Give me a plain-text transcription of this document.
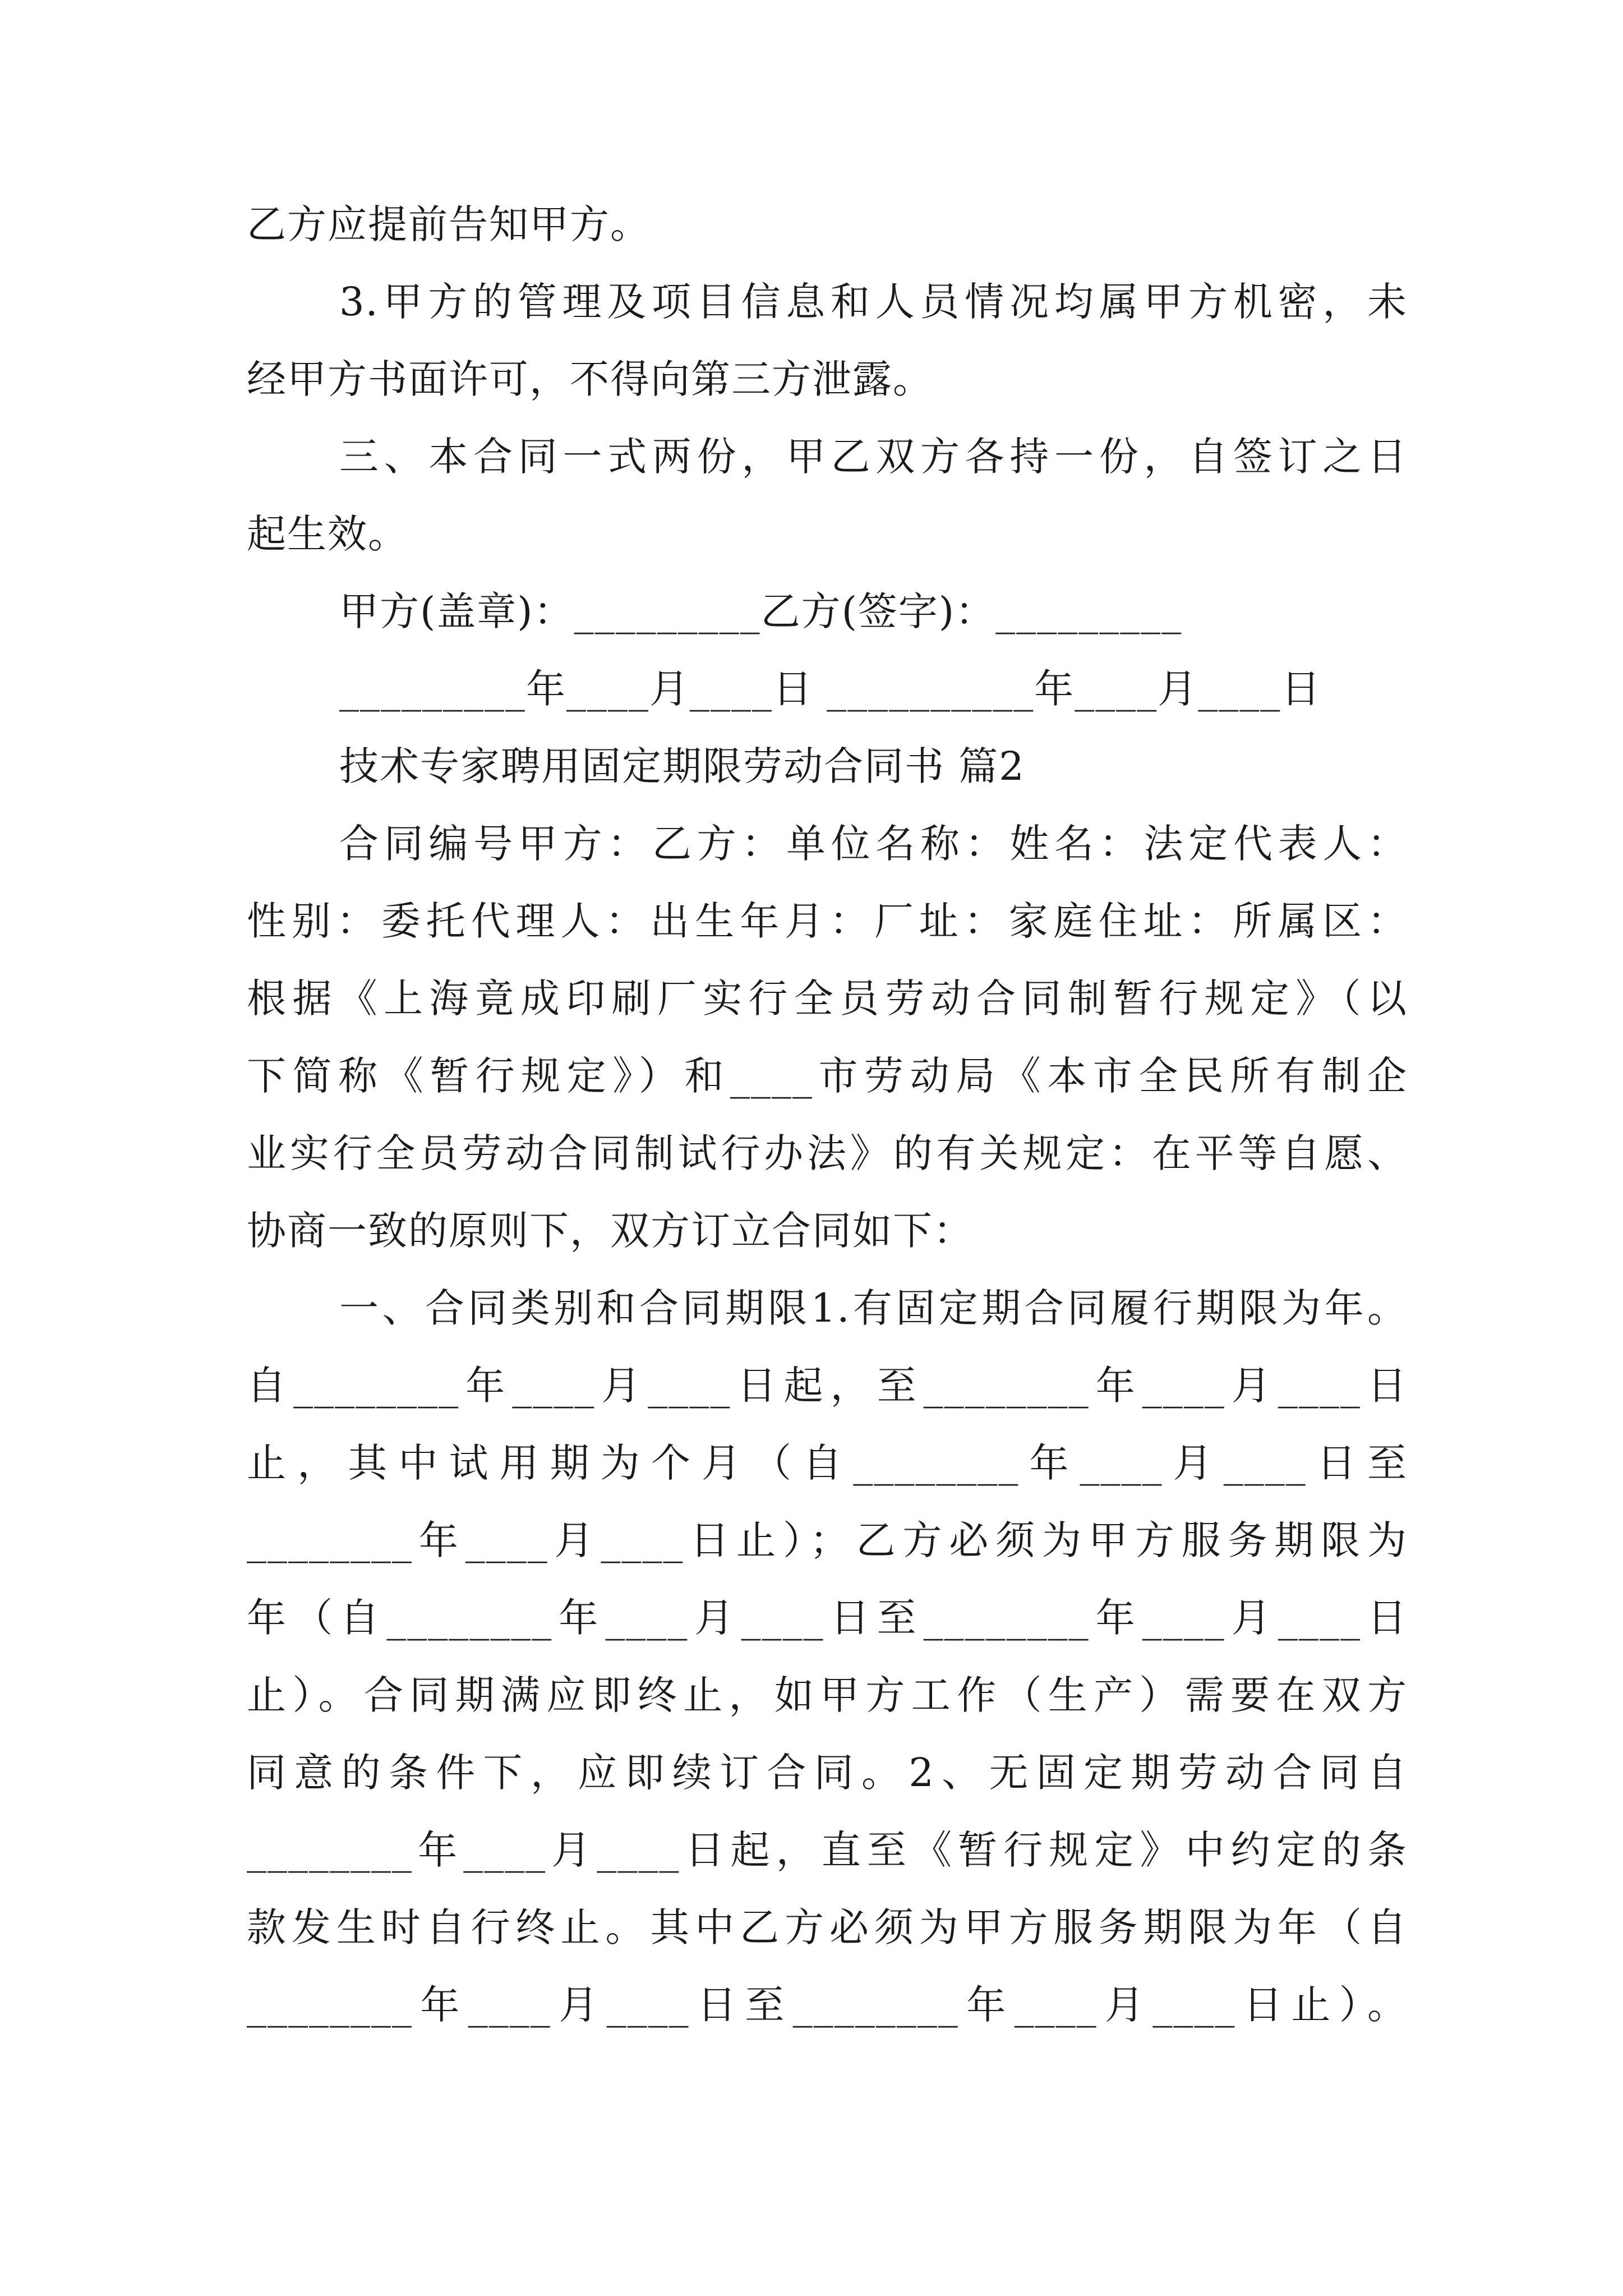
乙方应提前告知甲方。
3.甲方的管理及项目信息和人员情况均属甲方机密，未
经甲方书面许可，不得向第三方泄露。
三、本合同一式两份，甲乙双方各持一份，自签订之日
起生效。
甲方(盖章)：_________乙方(签字)：_________
_________年____月____日 __________年____月____日
技术专家聘用固定期限劳动合同书 篇2
合同编号甲方：乙方：单位名称：姓名：法定代表人：
性别：委托代理人：出生年月：厂址：家庭住址：所属区：
根据《上海竟成印刷厂实行全员劳动合同制暂行规定》（以
下简称《暂行规定》）和____市劳动局《本市全民所有制企
业实行全员劳动合同制试行办法》的有关规定：在平等自愿、
协商一致的原则下，双方订立合同如下：
一、合同类别和合同期限1.有固定期合同履行期限为年。
自________年____月____日起，至________年____月____日
止，其中试用期为个月（自________年____月____日至
________年____月____日止）；乙方必须为甲方服务期限为
年（自________年____月____日至________年____月____日
止）。合同期满应即终止，如甲方工作（生产）需要在双方
同意的条件下，应即续订合同。2、无固定期劳动合同自
________年____月____日起，直至《暂行规定》中约定的条
款发生时自行终止。其中乙方必须为甲方服务期限为年（自
________年____月____日至________年____月____日止）。
